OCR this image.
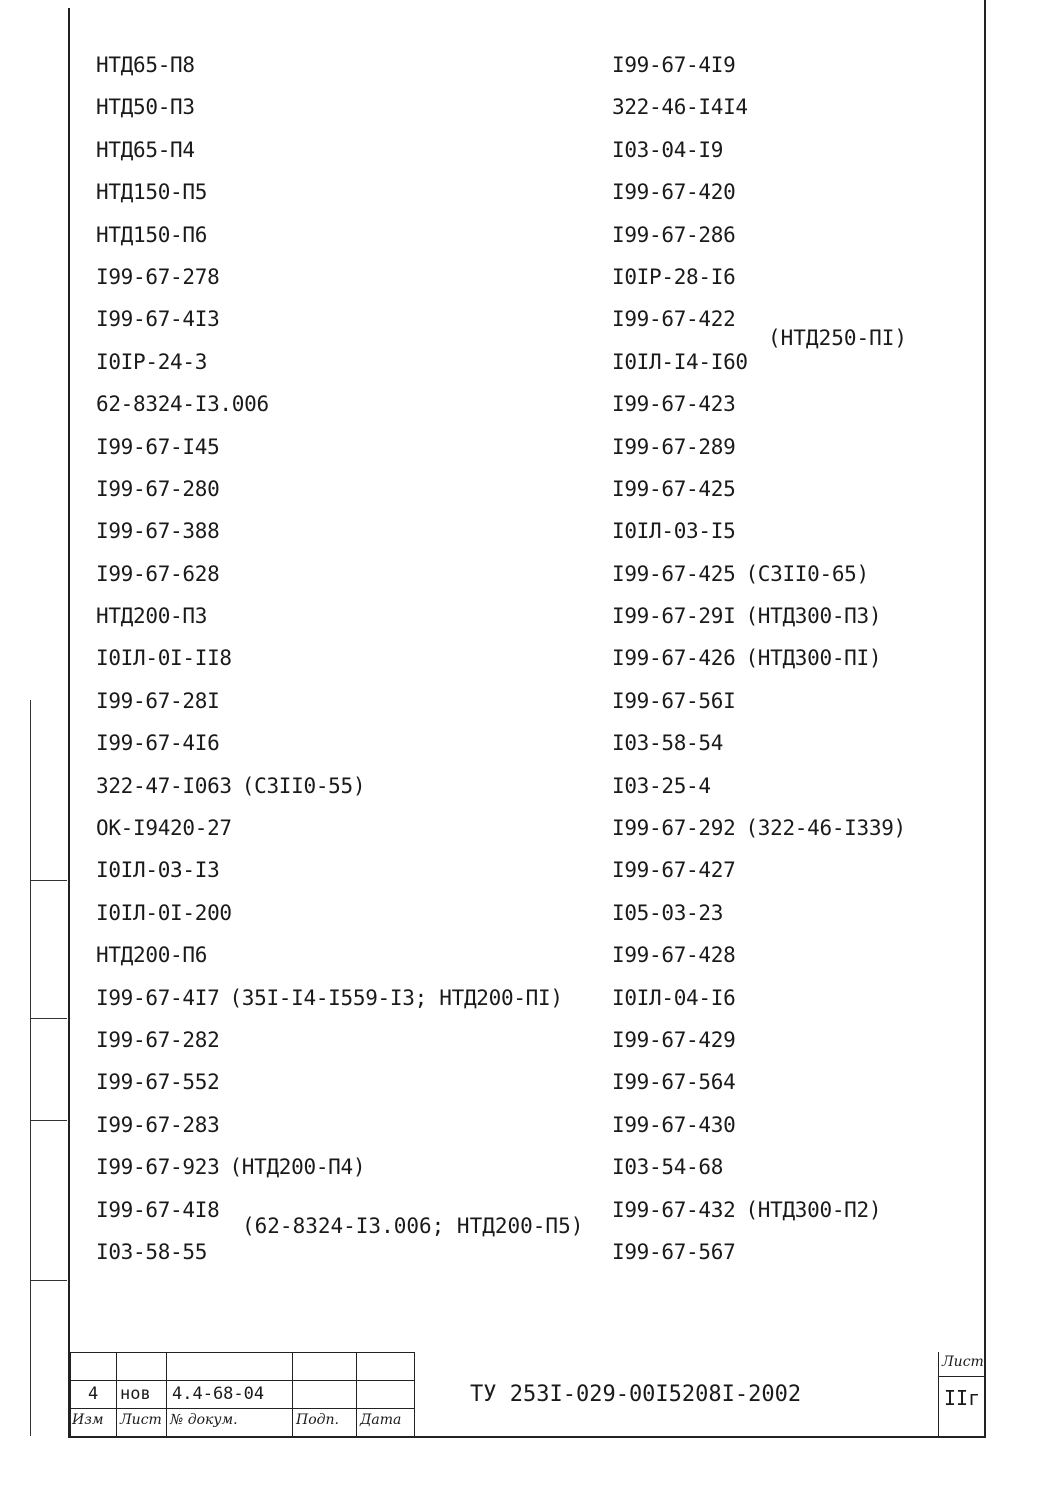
НТД65-П8
НТД50-П3
НТД65-П4
НТД150-П5
НТД150-П6
I99-67-278
I99-67-4I3
I0IР-24-3
62-8324-I3.006
I99-67-I45
I99-67-280
I99-67-388
I99-67-628
НТД200-П3
I0IЛ-0I-II8
I99-67-28I
I99-67-4I6
322-47-I063 (СЗII0-55)
ОК-I9420-27
I0IЛ-03-I3
I0IЛ-0I-200
НТД200-П6
I99-67-4I7 (35I-I4-I559-I3; НТД200-ПI)
I99-67-282
I99-67-552
I99-67-283
I99-67-923 (НТД200-П4)
I99-67-4I8
I03-58-55
I99-67-4I9
322-46-I4I4
I03-04-I9
I99-67-420
I99-67-286
I0IР-28-I6
I99-67-422
I0IЛ-I4-I60
I99-67-423
I99-67-289
I99-67-425
I0IЛ-03-I5
I99-67-425 (СЗII0-65)
I99-67-29I (НТД300-П3)
I99-67-426 (НТД300-ПI)
I99-67-56I
I03-58-54
I03-25-4
I99-67-292 (322-46-I339)
I99-67-427
I05-03-23
I99-67-428
I0IЛ-04-I6
I99-67-429
I99-67-564
I99-67-430
I03-54-68
I99-67-432 (НТД300-П2)
I99-67-567
(НТД250-ПI)
(62-8324-I3.006; НТД200-П5)
4 нов 4.4-68-04
Изм Лист № докум.	Подп. Дата
ТУ 253I-029-00I5208I-2002
Лист
IIг
